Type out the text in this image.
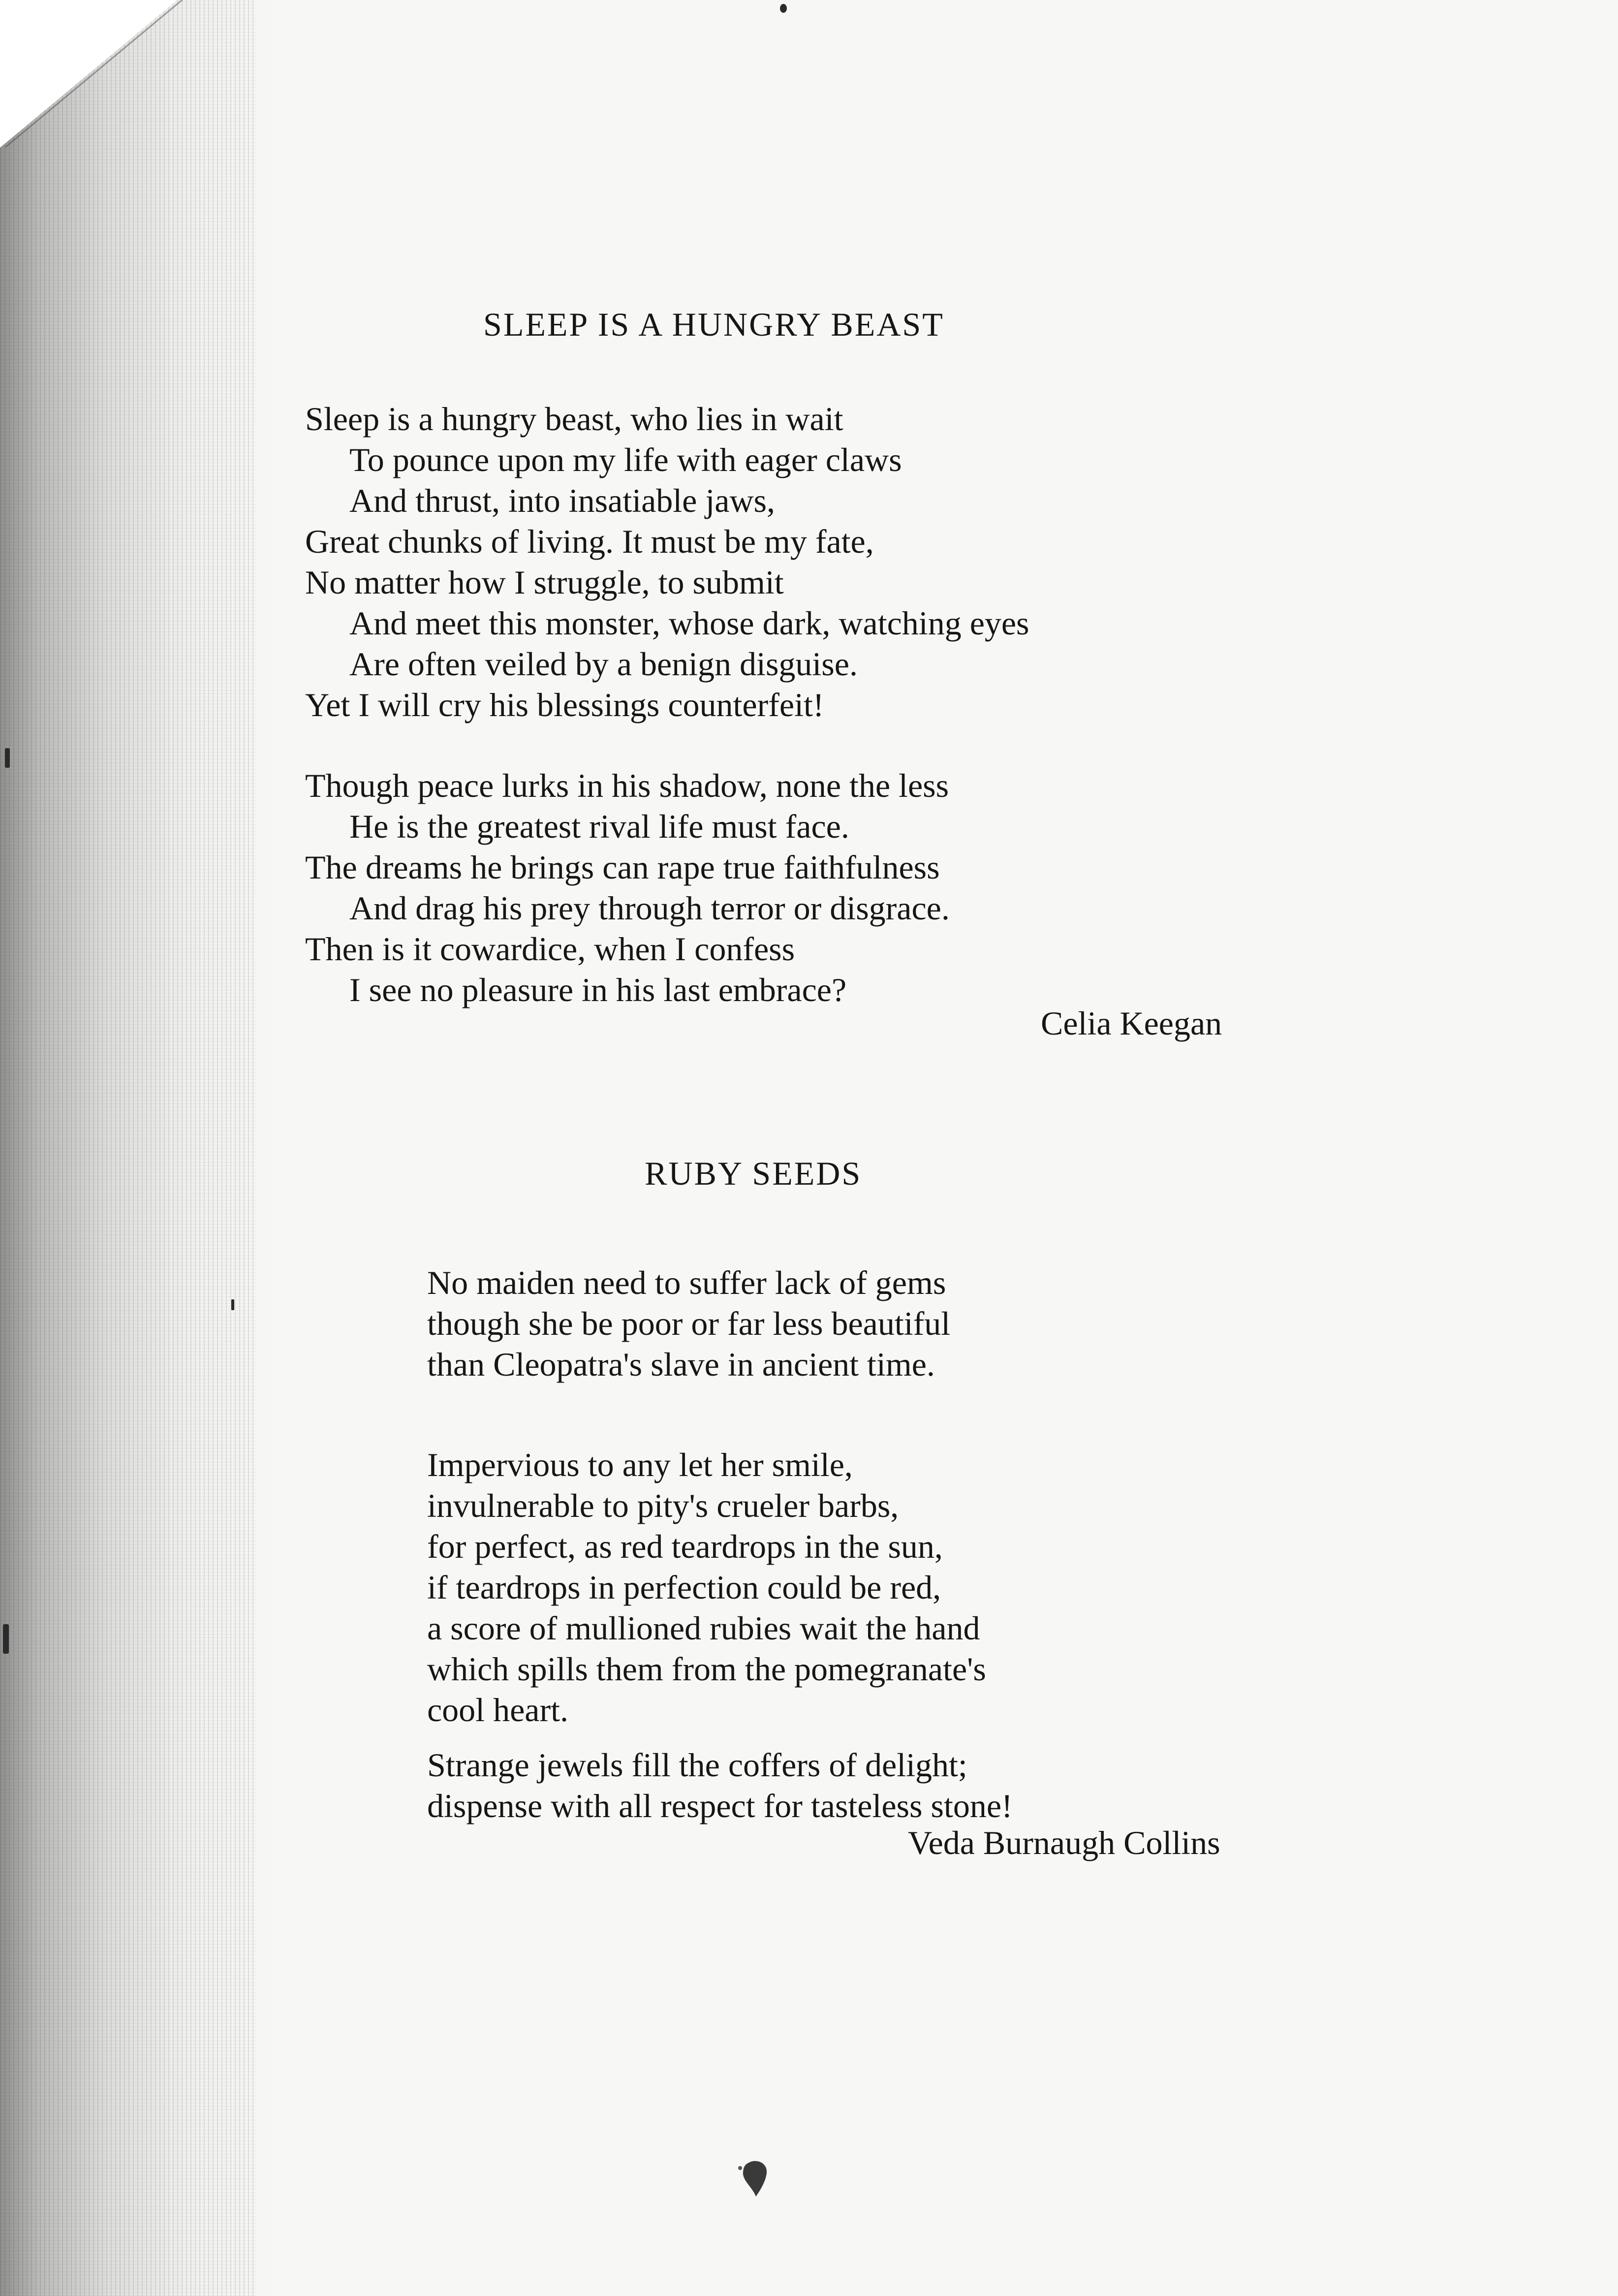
SLEEP IS A HUNGRY BEAST
Sleep is a hungry beast, who lies in wait
To pounce upon my life with eager claws
And thrust, into insatiable jaws,
Great chunks of living. It must be my fate,
No matter how I struggle, to submit
And meet this monster, whose dark, watching eyes
Are often veiled by a benign disguise.
Yet I will cry his blessings counterfeit!
Though peace lurks in his shadow, none the less
He is the greatest rival life must face.
The dreams he brings can rape true faithfulness
And drag his prey through terror or disgrace.
Then is it cowardice, when I confess
I see no pleasure in his last embrace?

Celia Keegan

RUBY SEEDS
No maiden need to suffer lack of gems
though she be poor or far less beautiful
than Cleopatra's slave in ancient time.
Impervious to any let her smile,
invulnerable to pity's crueler barbs,
for perfect, as red teardrops in the sun,
if teardrops in perfection could be red,
a score of mullioned rubies wait the hand
which spills them from the pomegranate's
cool heart.
Strange jewels fill the coffers of delight;
dispense with all respect for tasteless stone!

Veda Burnaugh Collins
